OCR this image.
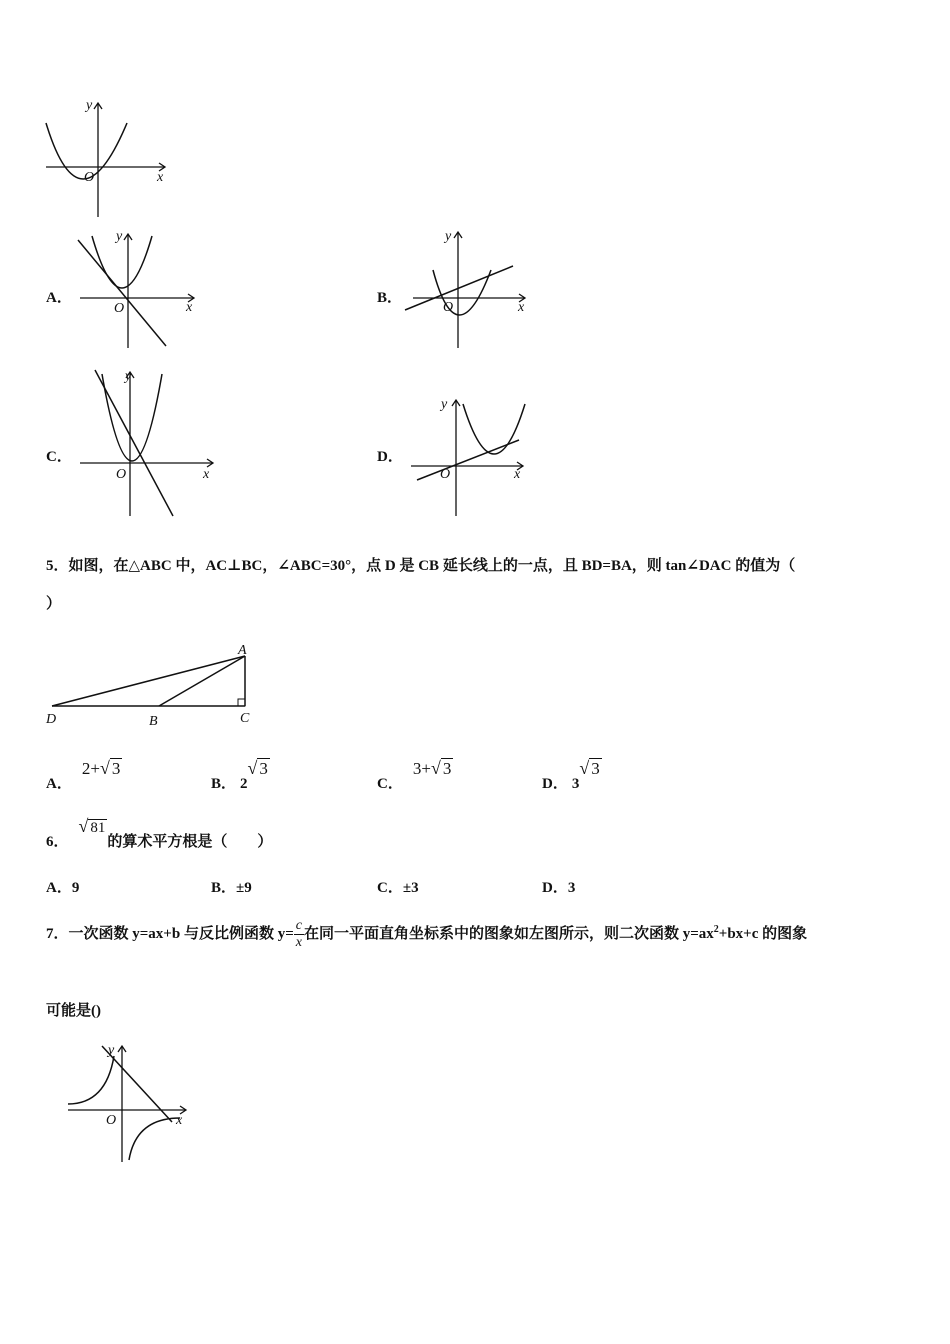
x
y
O
A．
x
y
O
B．
x
y
O
C．
x
y
O
D．
x
y
O
5．如图，在△ABC 中，AC⊥BC，∠ABC=30°，点 D 是 CB 延长线上的一点，且 BD=BA，则 tan∠DAC 的值为（
）
A
D	B	C
A． 2+√ 3
B． 2√ 3
C． 3+√ 3
D． 3√ 3
6． √ 81的算术平方根是（　　）
A．9	B．±9	C．±3	D．3
7．一次函数 y=ax+b 与反比例函数 $y= \frac{c}{x}$ 在同一平面直角坐标系中的图象如左图所示，则二次函数 $y=ax^2+bx+c$ 的图象
可能是()
x
y
O
